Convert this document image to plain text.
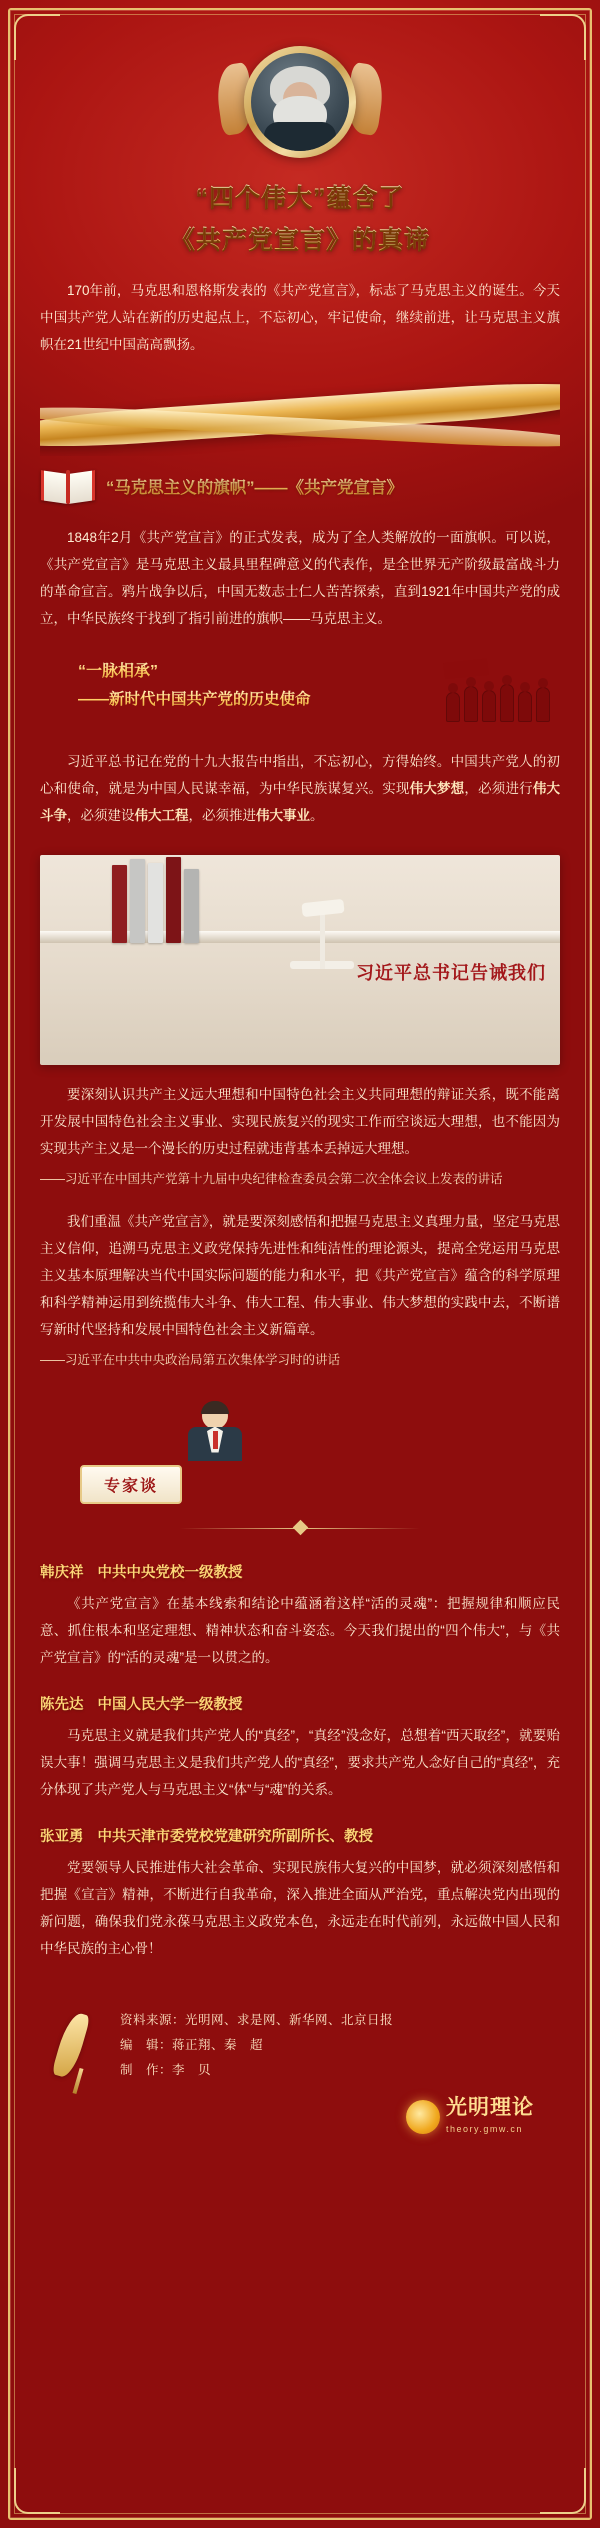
“四个伟大”蕴含了
《共产党宣言》的真谛

170年前，马克思和恩格斯发表的《共产党宣言》，标志了马克思主义的诞生。今天中国共产党人站在新的历史起点上，不忘初心，牢记使命，继续前进，让马克思主义旗帜在21世纪中国高高飘扬。

“马克思主义的旗帜”——《共产党宣言》

1848年2月《共产党宣言》的正式发表，成为了全人类解放的一面旗帜。可以说，《共产党宣言》是马克思主义最具里程碑意义的代表作，是全世界无产阶级最富战斗力的革命宣言。鸦片战争以后，中国无数志士仁人苦苦探索，直到1921年中国共产党的成立，中华民族终于找到了指引前进的旗帜——马克思主义。

“一脉相承”
——新时代中国共产党的历史使命

习近平总书记在党的十九大报告中指出，不忘初心，方得始终。中国共产党人的初心和使命，就是为中国人民谋幸福，为中华民族谋复兴。实现伟大梦想，必须进行伟大斗争，必须建设伟大工程，必须推进伟大事业。

习近平总书记告诫我们

要深刻认识共产主义远大理想和中国特色社会主义共同理想的辩证关系，既不能离开发展中国特色社会主义事业、实现民族复兴的现实工作而空谈远大理想，也不能因为实现共产主义是一个漫长的历史过程就违背基本丢掉远大理想。

——习近平在中国共产党第十九届中央纪律检查委员会第二次全体会议上发表的讲话

我们重温《共产党宣言》，就是要深刻感悟和把握马克思主义真理力量，坚定马克思主义信仰，追溯马克思主义政党保持先进性和纯洁性的理论源头，提高全党运用马克思主义基本原理解决当代中国实际问题的能力和水平，把《共产党宣言》蕴含的科学原理和科学精神运用到统揽伟大斗争、伟大工程、伟大事业、伟大梦想的实践中去，不断谱写新时代坚持和发展中国特色社会主义新篇章。

——习近平在中共中央政治局第五次集体学习时的讲话

专家谈
韩庆祥 中共中央党校一级教授

《共产党宣言》在基本线索和结论中蕴涵着这样“活的灵魂”：把握规律和顺应民意、抓住根本和坚定理想、精神状态和奋斗姿态。今天我们提出的“四个伟大”，与《共产党宣言》的“活的灵魂”是一以贯之的。

陈先达 中国人民大学一级教授

马克思主义就是我们共产党人的“真经”，“真经”没念好，总想着“西天取经”，就要贻误大事！强调马克思主义是我们共产党人的“真经”，要求共产党人念好自己的“真经”，充分体现了共产党人与马克思主义“体”与“魂”的关系。

张亚勇 中共天津市委党校党建研究所副所长、教授

党要领导人民推进伟大社会革命、实现民族伟大复兴的中国梦，就必须深刻感悟和把握《宣言》精神，不断进行自我革命，深入推进全面从严治党，重点解决党内出现的新问题，确保我们党永葆马克思主义政党本色，永远走在时代前列，永远做中国人民和中华民族的主心骨！

资料来源：光明网、求是网、新华网、北京日报
编　辑：蒋正翔、秦　超
制　作：李　贝
光明理论
theory.gmw.cn
